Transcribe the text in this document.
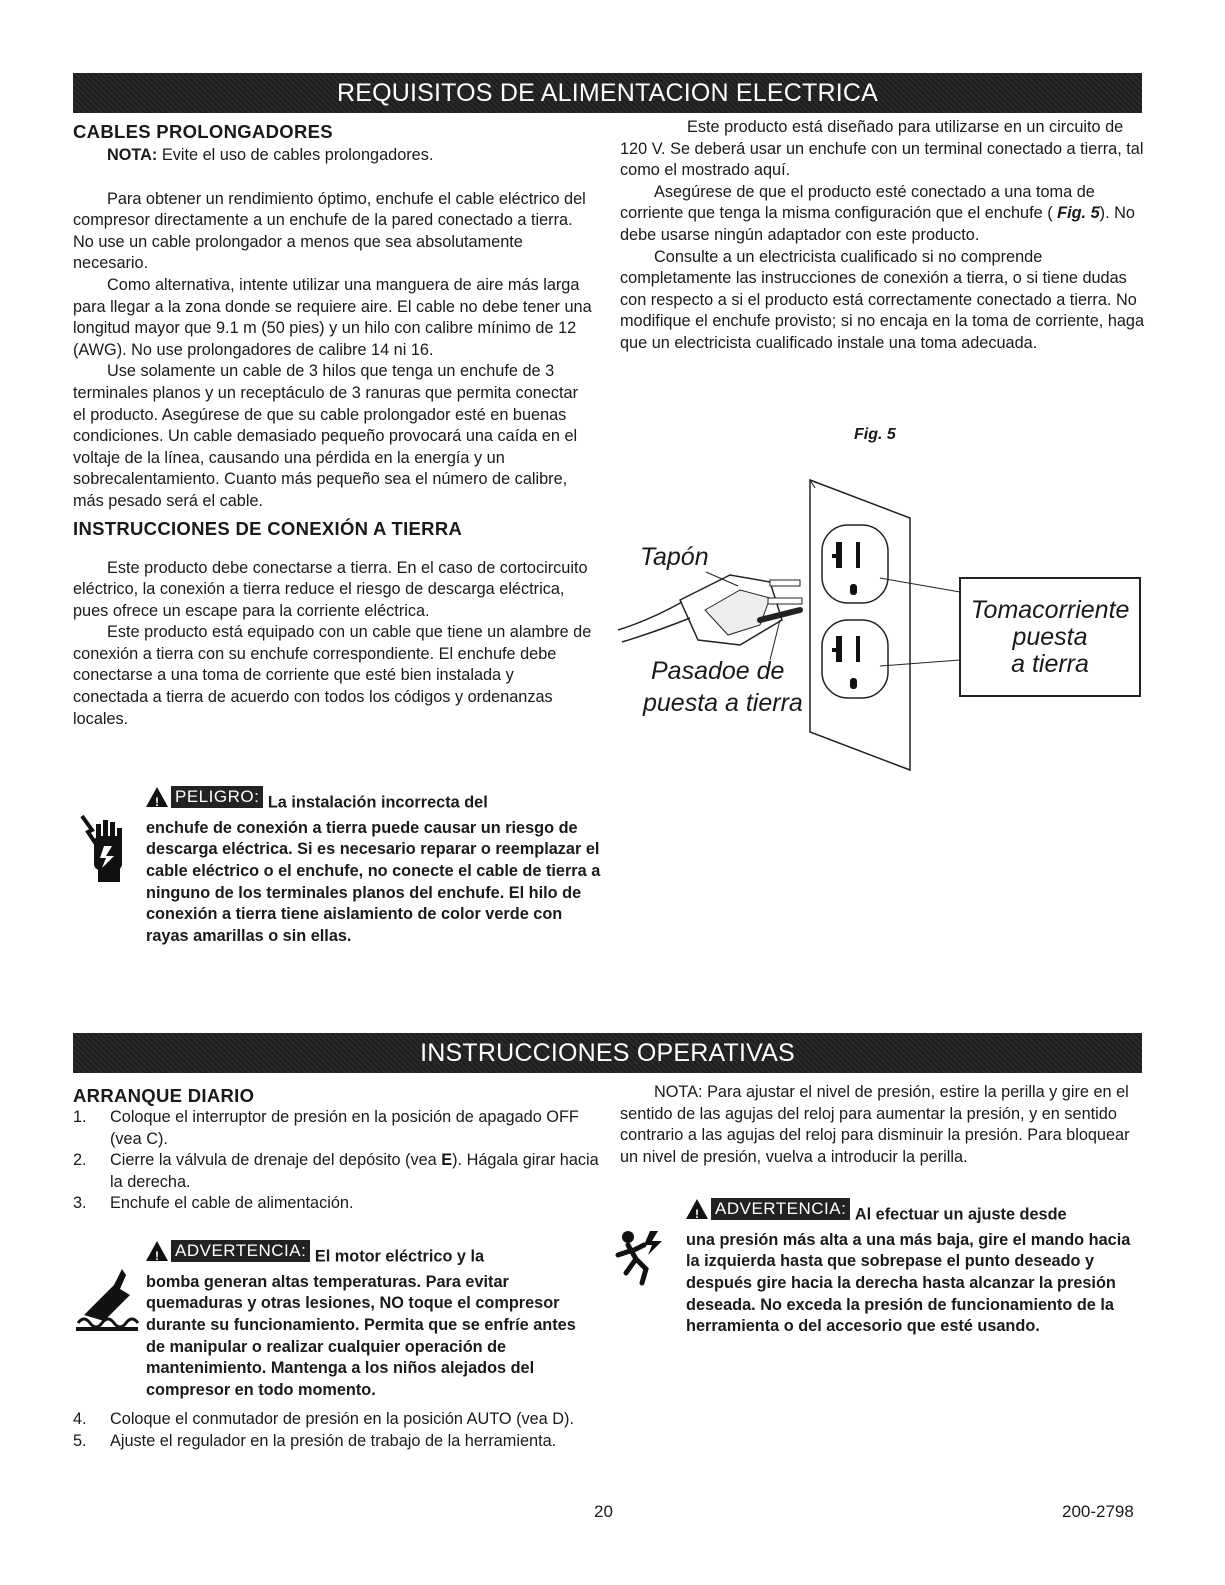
REQUISITOS DE ALIMENTACION ELECTRICA
CABLES PROLONGADORES

NOTA: Evite el uso de cables prolongadores.

Para obtener un rendimiento óptimo, enchufe el cable eléctrico del compresor directamente a un enchufe de la pared conectado a tierra. No use un cable prolongador a menos que sea absolutamente necesario.

Como alternativa, intente utilizar una manguera de aire más larga para llegar a la zona donde se requiere aire. El cable no debe tener una longitud mayor que 9.1 m (50 pies) y un hilo con calibre mínimo de 12 (AWG). No use prolongadores de calibre 14 ni 16.

Use solamente un cable de 3 hilos que tenga un enchufe de 3 terminales planos y un receptáculo de 3 ranuras que permita conectar el producto. Asegúrese de que su cable prolongador esté en buenas condiciones. Un cable demasiado pequeño provocará una caída en el voltaje de la línea, causando una pérdida en la energía y un sobrecalentamiento. Cuanto más pequeño sea el número de calibre, más pesado será el cable.

INSTRUCCIONES DE CONEXIÓN A TIERRA

Este producto debe conectarse a tierra. En el caso de cortocircuito eléctrico, la conexión a tierra reduce el riesgo de descarga eléctrica, pues ofrece un escape para la corriente eléctrica.

Este producto está equipado con un cable que tiene un alambre de conexión a tierra con su enchufe correspondiente. El enchufe debe conectarse a una toma de corriente que esté bien instalada y conectada a tierra de acuerdo con todos los códigos y ordenanzas locales.

! PELIGRO: La instalación incorrecta del
enchufe de conexión a tierra puede causar un riesgo de descarga eléctrica. Si es necesario reparar o reemplazar el cable eléctrico o el enchufe, no conecte el cable de tierra a ninguno de los terminales planos del enchufe. El hilo de conexión a tierra tiene aislamiento de color verde con rayas amarillas o sin ellas.

Este producto está diseñado para utilizarse en un circuito de 120 V. Se deberá usar un enchufe con un terminal conectado a tierra, tal como el mostrado aquí.

Asegúrese de que el producto esté conectado a una toma de corriente que tenga la misma configuración que el enchufe ( Fig. 5). No debe usarse ningún adaptador con este producto.

Consulte a un electricista cualificado si no comprende completamente las instrucciones de conexión a tierra, o si tiene dudas con respecto a si el producto está correctamente conectado a tierra. No modifique el enchufe provisto; si no encaja en la toma de corriente, haga que un electricista cualificado instale una toma adecuada.

Fig. 5
Tapón
Pasadoe de
puesta a tierra
Tomacorriente
puesta
a tierra
INSTRUCCIONES OPERATIVAS
ARRANQUE DIARIO
1. Coloque el interruptor de presión en la posición de apagado OFF (vea C).
2. Cierre la válvula de drenaje del depósito (vea E). Hágala girar hacia la derecha.
3. Enchufe el cable de alimentación.
! ADVERTENCIA: El motor eléctrico y la
bomba generan altas temperaturas. Para evitar quemaduras y otras lesiones, NO toque el compresor durante su funcionamiento. Permita que se enfríe antes de manipular o realizar cualquier operación de mantenimiento. Mantenga a los niños alejados del compresor en todo momento.
4. Coloque el conmutador de presión en la posición AUTO (vea D).
5. Ajuste el regulador en la presión de trabajo de la herramienta.

NOTA: Para ajustar el nivel de presión, estire la perilla y gire en el sentido de las agujas del reloj para aumentar la presión, y en sentido contrario a las agujas del reloj para disminuir la presión. Para bloquear un nivel de presión, vuelva a introducir la perilla.

! ADVERTENCIA: Al efectuar un ajuste desde
una presión más alta a una más baja, gire el mando hacia la izquierda hasta que sobrepase el punto deseado y después gire hacia la derecha hasta alcanzar la presión deseada. No exceda la presión de funcionamiento de la herramienta o del accesorio que esté usando.
20	200-2798
